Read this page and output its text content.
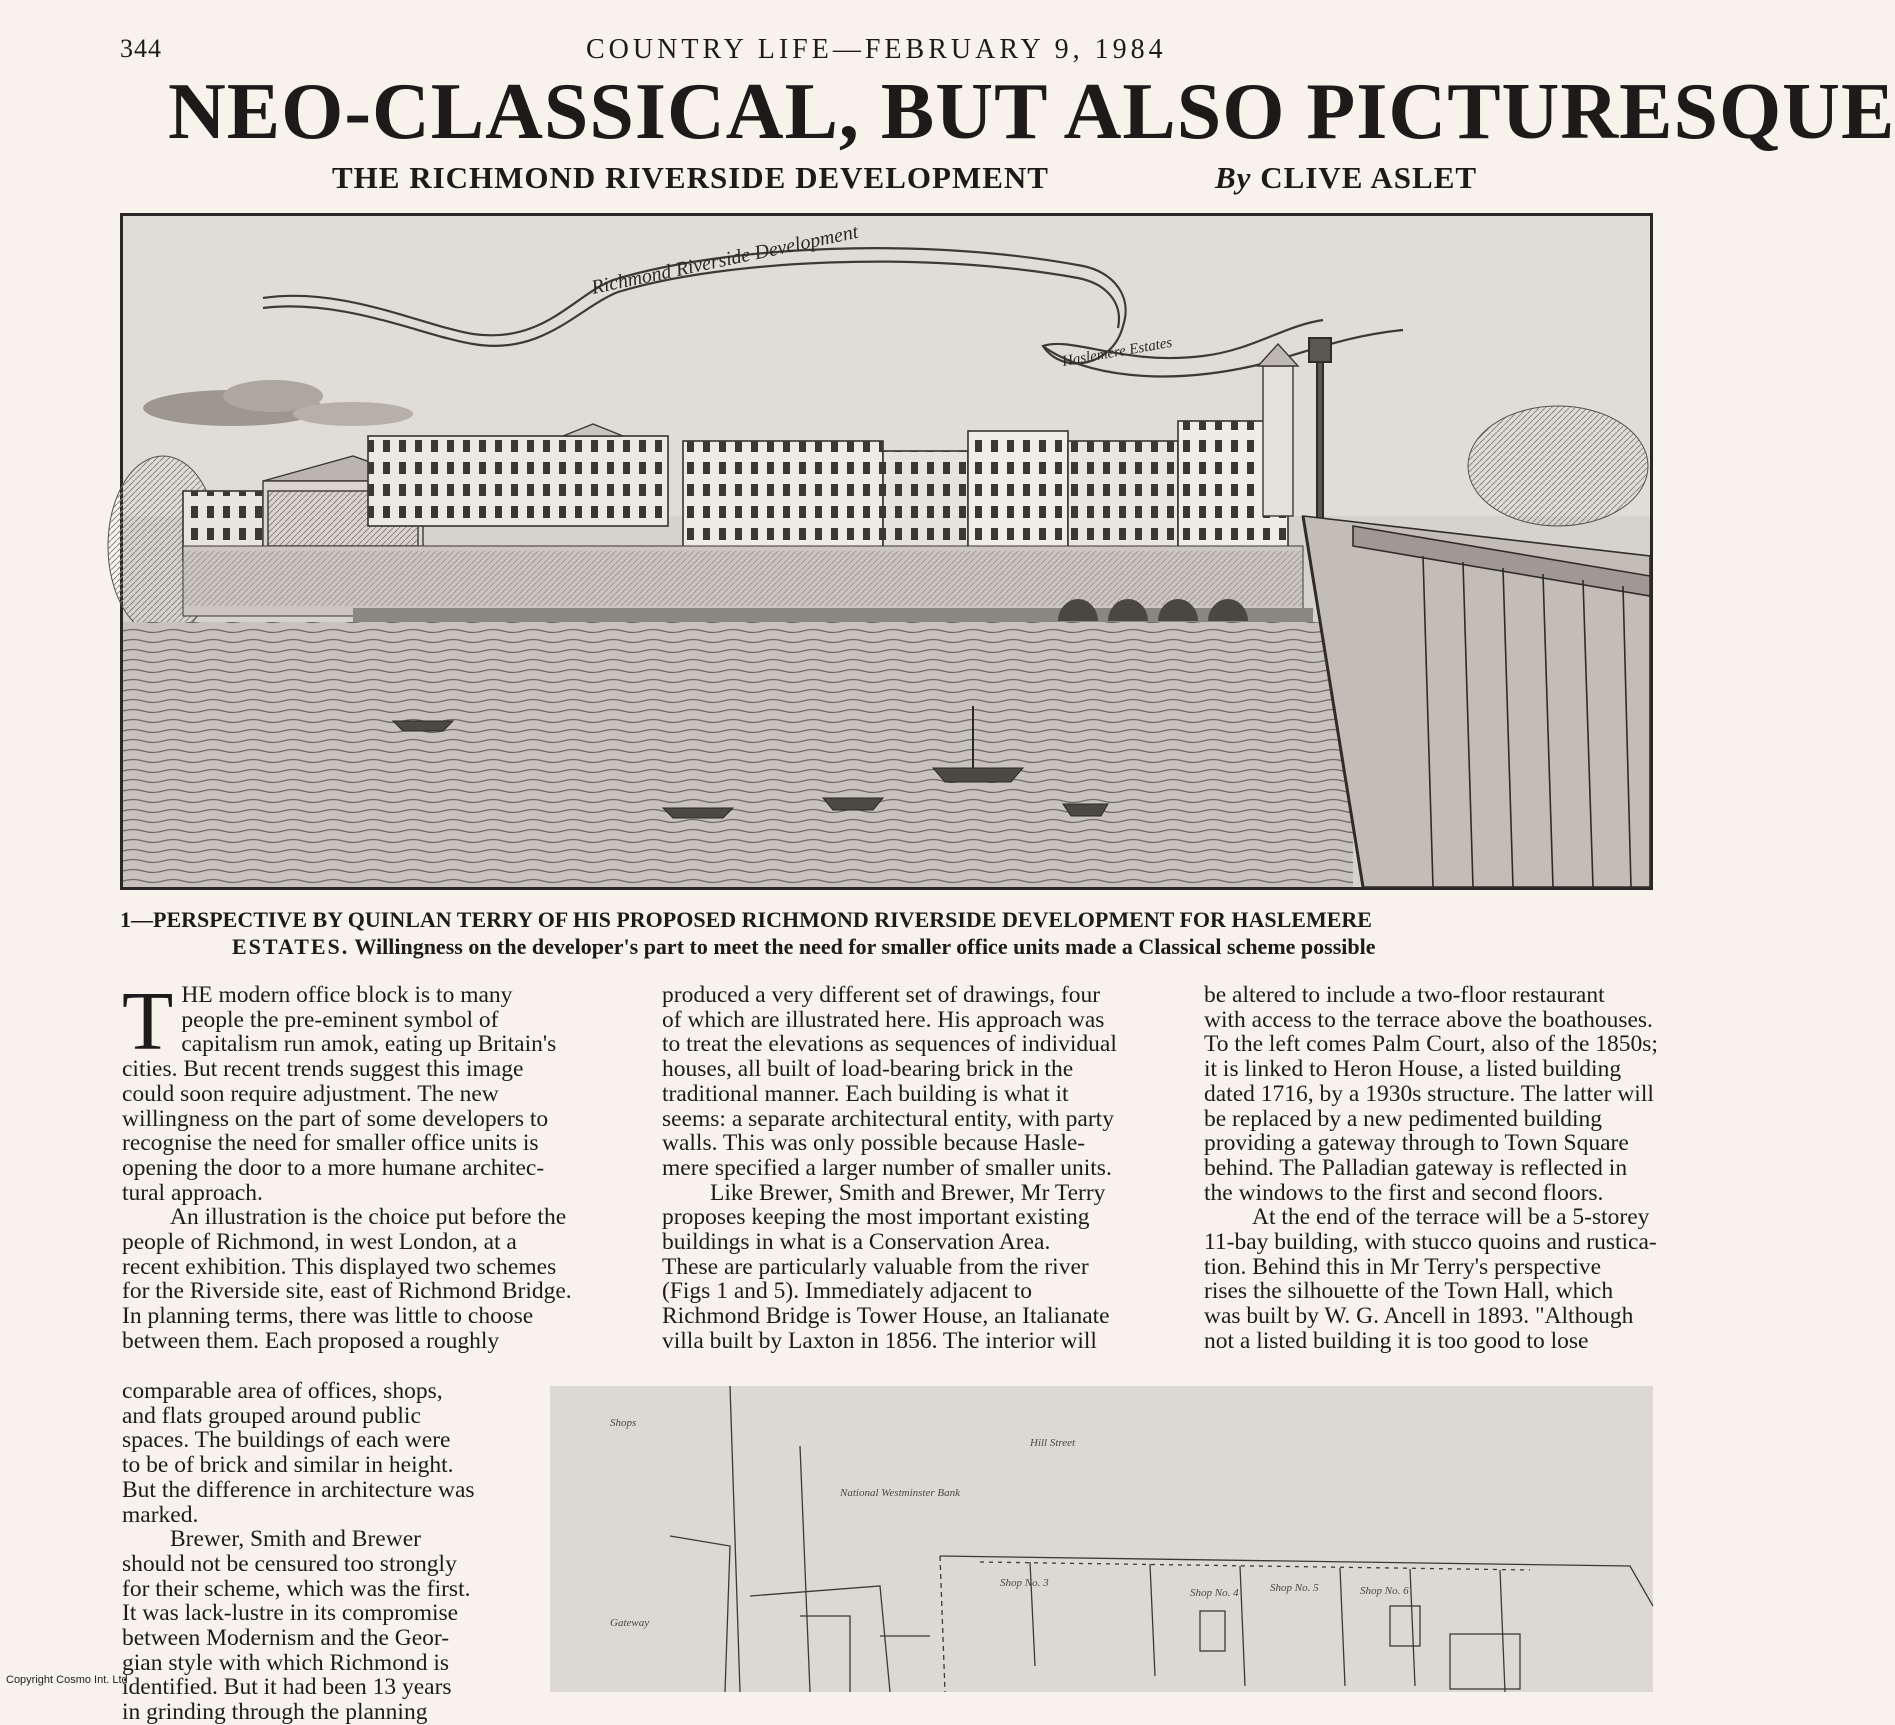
344	COUNTRY LIFE—FEBRUARY 9, 1984
NEO-CLASSICAL, BUT ALSO PICTURESQUE
THE RICHMOND RIVERSIDE DEVELOPMENT	By CLIVE ASLET
Richmond Riverside Development
Haslemere Estates
1—PERSPECTIVE BY QUINLAN TERRY OF HIS PROPOSED RICHMOND RIVERSIDE DEVELOPMENT FOR HASLEMERE
ESTATES. Willingness on the developer's part to meet the need for smaller office units made a Classical scheme possible
T HE modern office block is to many
people the pre-eminent symbol of
capitalism run amok, eating up Britain's
cities. But recent trends suggest this image
could soon require adjustment. The new
willingness on the part of some developers to
recognise the need for smaller office units is
opening the door to a more humane architec-
tural approach.
An illustration is the choice put before the
people of Richmond, in west London, at a
recent exhibition. This displayed two schemes
for the Riverside site, east of Richmond Bridge.
In planning terms, there was little to choose
between them. Each proposed a roughly
comparable area of offices, shops,
and flats grouped around public
spaces. The buildings of each were
to be of brick and similar in height.
But the difference in architecture was
marked.
Brewer, Smith and Brewer
should not be censured too strongly
for their scheme, which was the first.
It was lack-lustre in its compromise
between Modernism and the Geor-
gian style with which Richmond is
identified. But it had been 13 years
in grinding through the planning
produced a very different set of drawings, four
of which are illustrated here. His approach was
to treat the elevations as sequences of individual
houses, all built of load-bearing brick in the
traditional manner. Each building is what it
seems: a separate architectural entity, with party
walls. This was only possible because Hasle-
mere specified a larger number of smaller units.
Like Brewer, Smith and Brewer, Mr Terry
proposes keeping the most important existing
buildings in what is a Conservation Area.
These are particularly valuable from the river
(Figs 1 and 5). Immediately adjacent to
Richmond Bridge is Tower House, an Italianate
villa built by Laxton in 1856. The interior will
be altered to include a two-floor restaurant
with access to the terrace above the boathouses.
To the left comes Palm Court, also of the 1850s;
it is linked to Heron House, a listed building
dated 1716, by a 1930s structure. The latter will
be replaced by a new pedimented building
providing a gateway through to Town Square
behind. The Palladian gateway is reflected in
the windows to the first and second floors.
At the end of the terrace will be a 5-storey
11-bay building, with stucco quoins and rustica-
tion. Behind this in Mr Terry's perspective
rises the silhouette of the Town Hall, which
was built by W. G. Ancell in 1893. "Although
not a listed building it is too good to lose
Shops
Hill Street
National Westminster Bank
Shop No. 3
Shop No. 4	Shop No. 5	Shop No. 6
Gateway
Copyright Cosmo Int. Ltd
